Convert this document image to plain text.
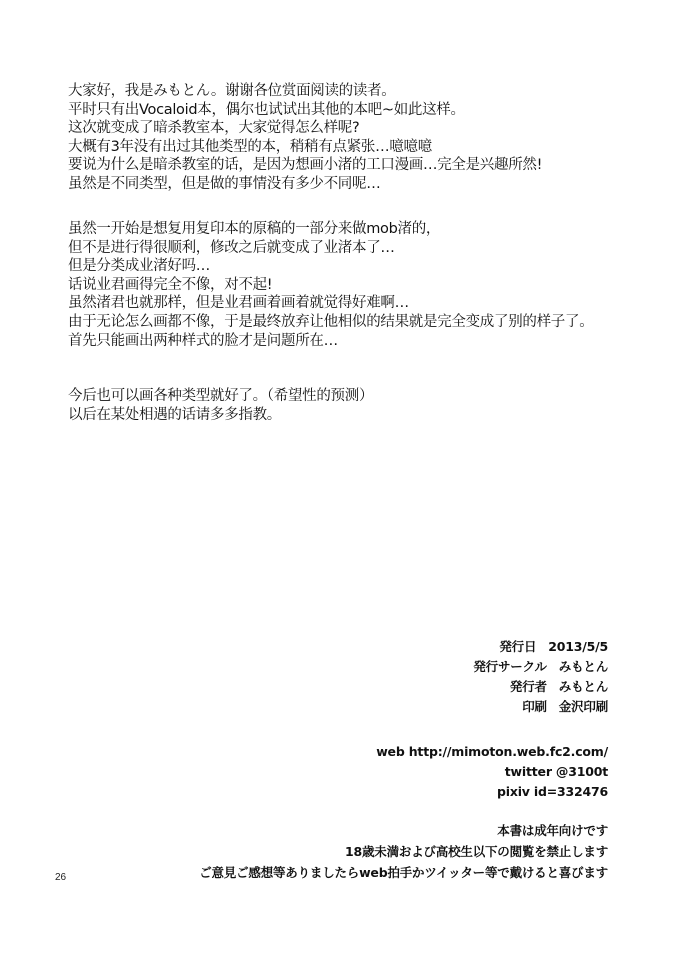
大家好，我是みもとん。谢谢各位赏面阅读的读者。
平时只有出Vocaloid本，偶尔也试试出其他的本吧~如此这样。
这次就变成了暗杀教室本，大家觉得怎么样呢?
大概有3年没有出过其他类型的本，稍稍有点紧张…噫噫噫
要说为什么是暗杀教室的话，是因为想画小渚的工口漫画…完全是兴趣所然!
虽然是不同类型，但是做的事情没有多少不同呢…
虽然一开始是想复用复印本的原稿的一部分来做mob渚的，
但不是进行得很顺利，修改之后就变成了业渚本了…
但是分类成业渚好吗…
话说业君画得完全不像，对不起!
虽然渚君也就那样，但是业君画着画着就觉得好难啊…
由于无论怎么画都不像，于是最终放弃让他相似的结果就是完全变成了别的样子了。
首先只能画出两种样式的脸才是问题所在…
今后也可以画各种类型就好了。（希望性的预测）
以后在某处相遇的话请多多指教。
発行日 2013/5/5
発行サークル みもとん
発行者 みもとん
印刷 金沢印刷
web http://mimoton.web.fc2.com/
twitter @3100t
pixiv id=332476
本書は成年向けです
18歳未満および高校生以下の閲覧を禁止します
ご意見ご感想等ありましたらweb拍手かツイッター等で戴けると喜びます
26
